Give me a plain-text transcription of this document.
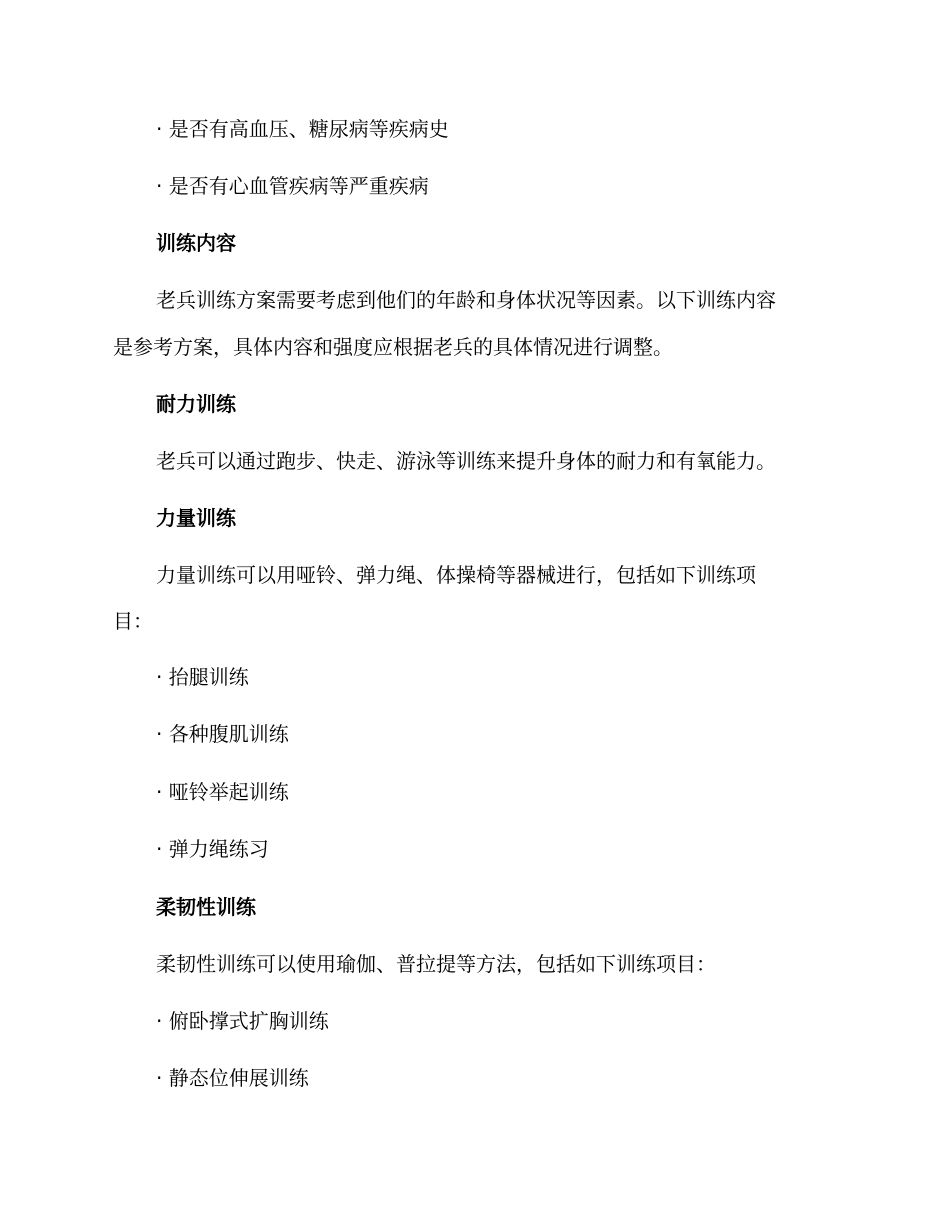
· 是否有高血压、糖尿病等疾病史

· 是否有心血管疾病等严重疾病

训练内容

老兵训练方案需要考虑到他们的年龄和身体状况等因素。以下训练内容

是参考方案，具体内容和强度应根据老兵的具体情况进行调整。

耐力训练

老兵可以通过跑步、快走、游泳等训练来提升身体的耐力和有氧能力。

力量训练

力量训练可以用哑铃、弹力绳、体操椅等器械进行，包括如下训练项

目：

· 抬腿训练

· 各种腹肌训练

· 哑铃举起训练

· 弹力绳练习

柔韧性训练

柔韧性训练可以使用瑜伽、普拉提等方法，包括如下训练项目：

· 俯卧撑式扩胸训练

· 静态位伸展训练
